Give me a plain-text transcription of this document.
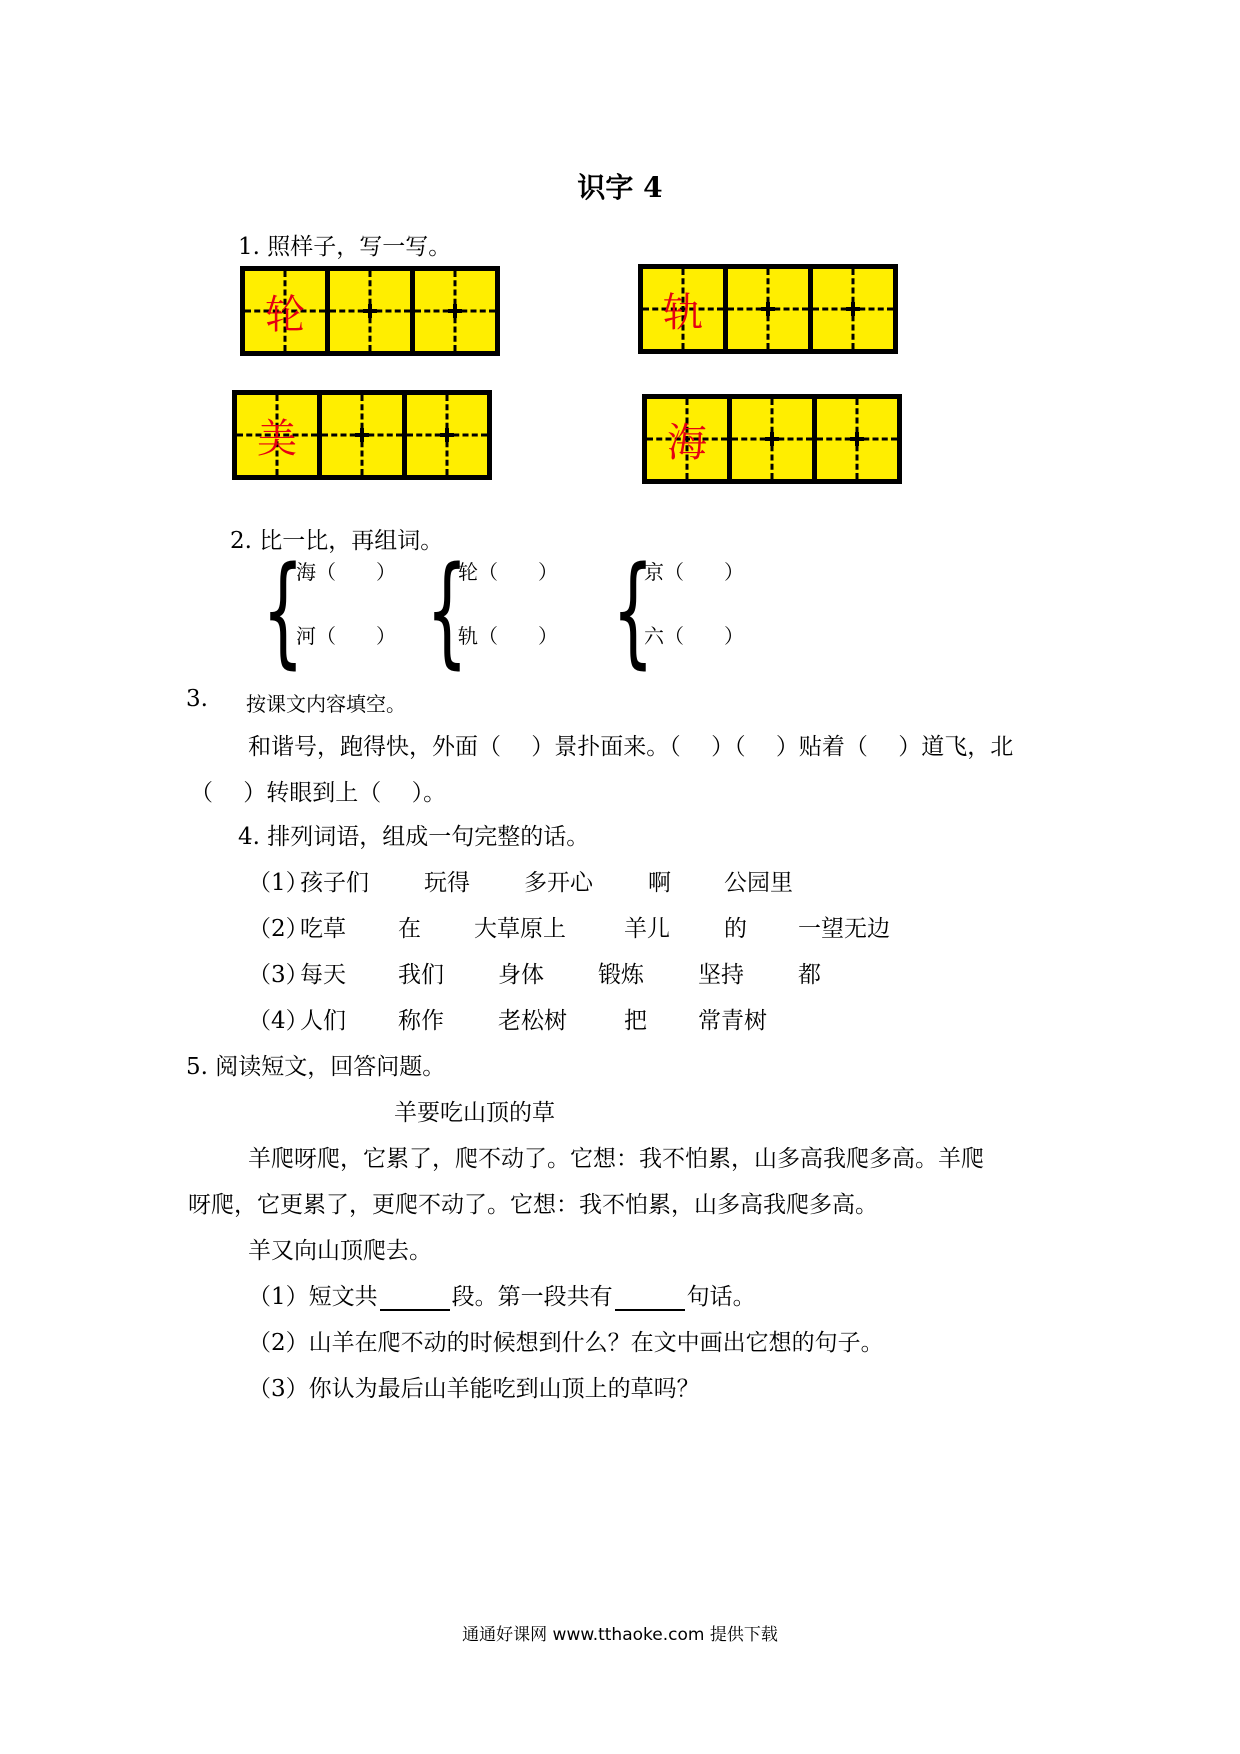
识字 4
1. 照样子，写一写。
轮	轨
美	海
2. 比一比，再组词。
{
海（　　）
河（　　） {
轮（　　）
轨（　　） {
京（　　）
六（　　）
3. 按课文内容填空。
和谐号，跑得快，外面（　 ）景扑面来。（　 ）（　 ）贴着（　 ）道飞，北
（　 ）转眼到上（　 ）。
4. 排列词语，组成一句完整的话。
（1）
孩子们 玩得 多开心 啊 公园里
（2）
吃草 在 大草原上	羊儿 的 一望无边
（3）
每天 我们 身体 锻炼 坚持 都
（4）
人们 称作 老松树 把 常青树
5. 阅读短文，回答问题。
羊要吃山顶的草
羊爬呀爬，它累了，爬不动了。它想：我不怕累，山多高我爬多高。羊爬
呀爬，它更累了，更爬不动了。它想：我不怕累，山多高我爬多高。
羊又向山顶爬去。
（1）短文共	段。第一段共有	句话。
（2）山羊在爬不动的时候想到什么？在文中画出它想的句子。
（3）你认为最后山羊能吃到山顶上的草吗？
通通好课网 www.tthaoke.com 提供下载
